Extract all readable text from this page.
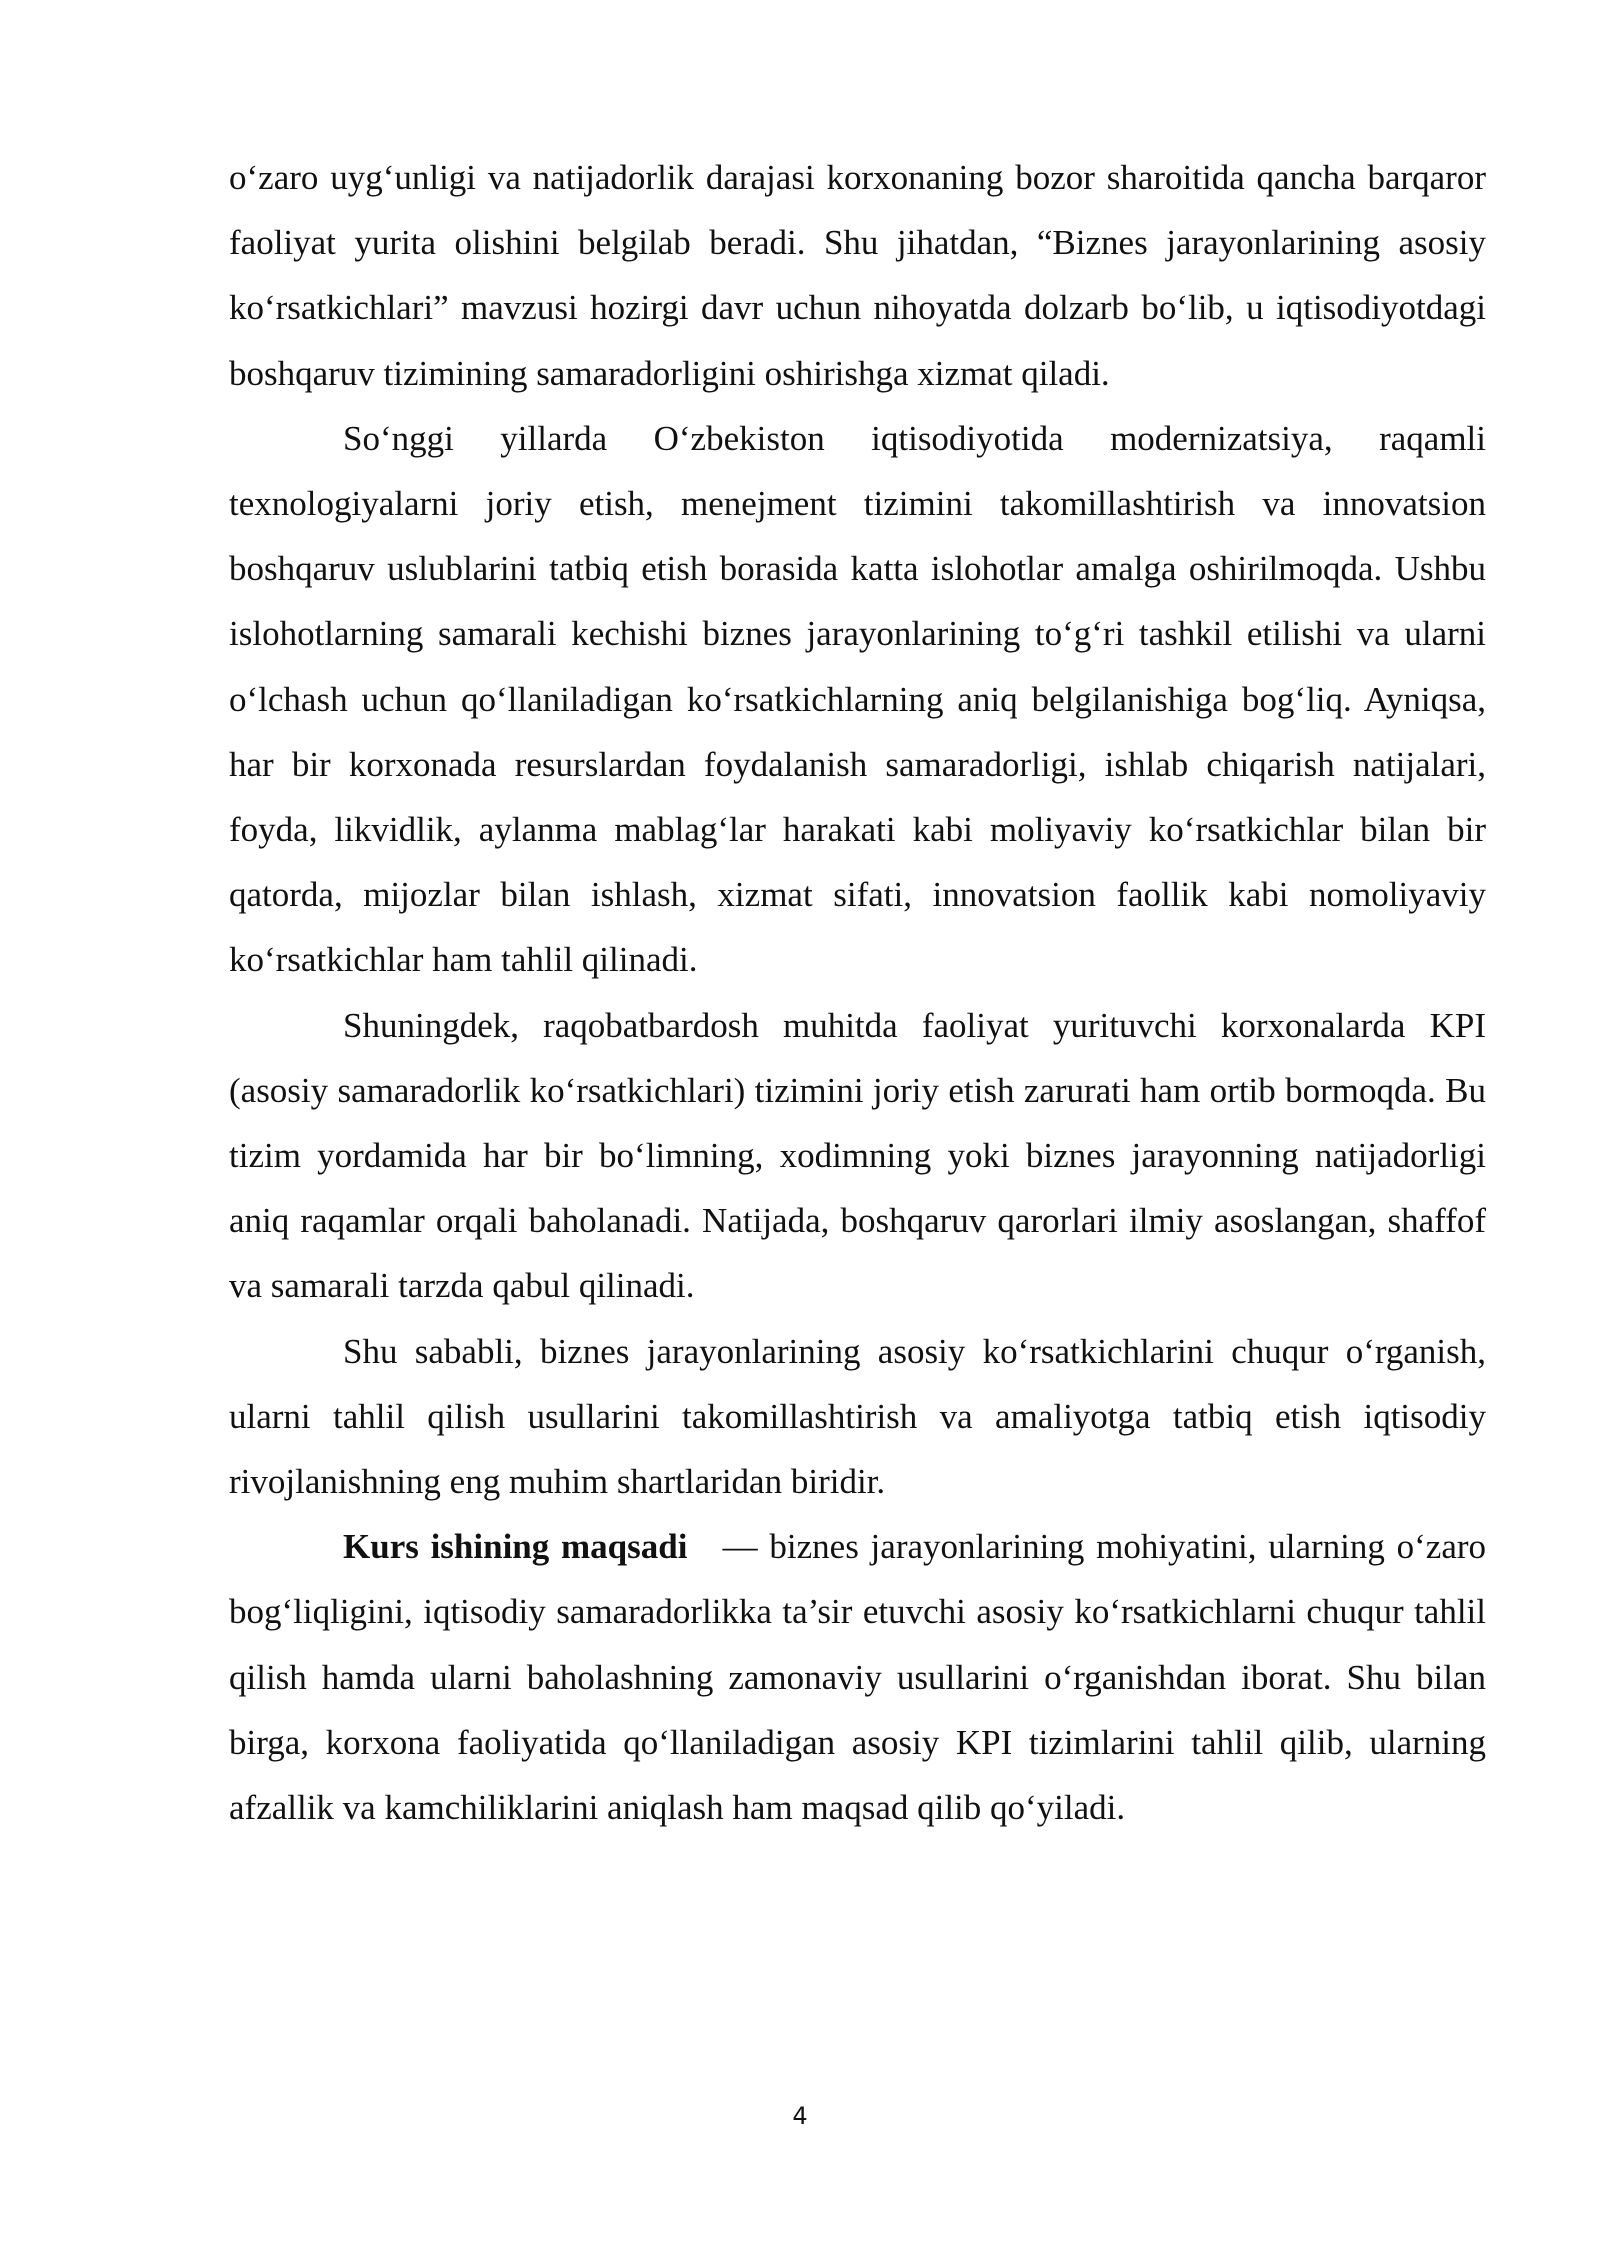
o‘zaro uyg‘unligi va natijadorlik darajasi korxonaning bozor sharoitida qancha barqaror faoliyat yurita olishini belgilab beradi. Shu jihatdan, “Biznes jarayonlarining asosiy ko‘rsatkichlari” mavzusi hozirgi davr uchun nihoyatda dolzarb bo‘lib, u iqtisodiyotdagi boshqaruv tizimining samaradorligini oshirishga xizmat qiladi.

So‘nggi yillarda O‘zbekiston iqtisodiyotida modernizatsiya, raqamli texnologiyalarni joriy etish, menejment tizimini takomillashtirish va innovatsion boshqaruv uslublarini tatbiq etish borasida katta islohotlar amalga oshirilmoqda. Ushbu islohotlarning samarali kechishi biznes jarayonlarining to‘g‘ri tashkil etilishi va ularni o‘lchash uchun qo‘llaniladigan ko‘rsatkichlarning aniq belgilanishiga bog‘liq. Ayniqsa, har bir korxonada resurslardan foydalanish samaradorligi, ishlab chiqarish natijalari, foyda, likvidlik, aylanma mablag‘lar harakati kabi moliyaviy ko‘rsatkichlar bilan bir qatorda, mijozlar bilan ishlash, xizmat sifati, innovatsion faollik kabi nomoliyaviy ko‘rsatkichlar ham tahlil qilinadi.

Shuningdek, raqobatbardosh muhitda faoliyat yurituvchi korxonalarda KPI (asosiy samaradorlik ko‘rsatkichlari) tizimini joriy etish zarurati ham ortib bormoqda. Bu tizim yordamida har bir bo‘limning, xodimning yoki biznes jarayonning natijadorligi aniq raqamlar orqali baholanadi. Natijada, boshqaruv qarorlari ilmiy asoslangan, shaffof va samarali tarzda qabul qilinadi.

Shu sababli, biznes jarayonlarining asosiy ko‘rsatkichlarini chuqur o‘rganish, ularni tahlil qilish usullarini takomillashtirish va amaliyotga tatbiq etish iqtisodiy rivojlanishning eng muhim shartlaridan biridir.

Kurs ishining maqsadi — biznes jarayonlarining mohiyatini, ularning o‘zaro bog‘liqligini, iqtisodiy samaradorlikka ta’sir etuvchi asosiy ko‘rsatkichlarni chuqur tahlil qilish hamda ularni baholashning zamonaviy usullarini o‘rganishdan iborat. Shu bilan birga, korxona faoliyatida qo‘llaniladigan asosiy KPI tizimlarini tahlil qilib, ularning afzallik va kamchiliklarini aniqlash ham maqsad qilib qo‘yiladi.

4
